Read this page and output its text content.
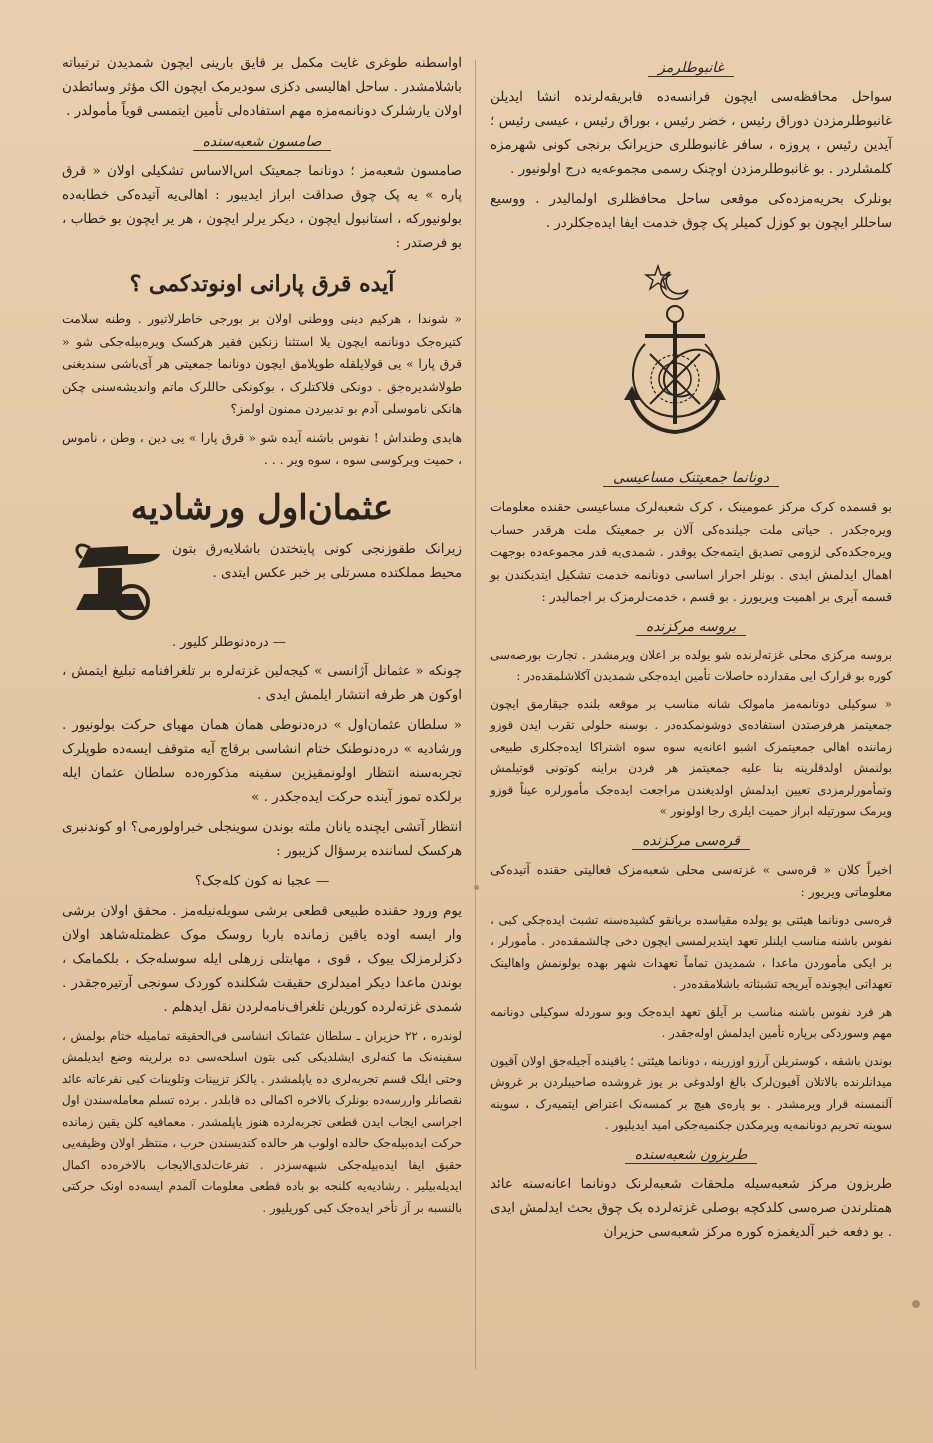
غانبوطلرمز

سواحل محافظه‌سی ایچون فرانسه‌ده فابریقه‌لرنده انشا ایدیلن غانبوطلرمزدن دوراق رئیس ، خضر رئیس ، بوراق رئیس ، عیسی رئیس ؛ آیدین رئیس ، پروزه ، سافر غانبوطلری حزیرانک برنجی کونی شهرمزه کلمشلردر . بو غانبوطلرمزدن اوچنک رسمی مجموعه‌یه درج اولونیور .

بونلرک بحریه‌مزده‌کی موقعی ساحل محافظلری اولمالیدر . ووسیع ساحللر ایچون بو کوزل کمیلر پک چوق خدمت ایفا ایده‌جکلردر .

دونانما جمعیتنک مساعیسی

بو قسمده کرک مرکز عمومینک ، کرک شعبه‌لرک مساعیسی حقنده معلومات ویره‌جکدر . حیاتی ملت جیلنده‌کی آلان بر جمعیتک ملت هرقدر حساب ویره‌جکده‌کی لزومی تصدیق ایتمه‌جک یوقدر . شمدی‌یه قدر مجموعه‌ده بوجهت اهمال ایدلمش ایدی . بونلر احرار اساسی دونانمه خدمت تشکیل ایتدیکندن بو قسمه آیری بر اهمیت ویریورز . بو قسم ، خدمت‌لرمزک بر اجمالیدر :

بروسه مرکزنده

بروسه مرکزی محلی غزته‌لرنده شو یولده بر اعلان ویرمشدر . تجارت بورصه‌سی کوره بو قرارک ایی مقدارده حاصلات تأمین ایده‌جکی شمدیدن آکلاشلمقده‌در :

« سوکیلی دونانمه‌مز مامولک شانه مناسب بر موقعه بلنده جیقارمق ایچون جمعیتمز هرفرصتدن استفاده‌ی دوشونمکده‌در . بوسنه حلولی تقرب ایدن قوزو زماننده اهالی جمعیتمزک اشبو اعانه‌یه سوه سوه اشتراکا ایده‌جکلری طبیعی بولنمش اولدقلرینه بنا علیه جمعیتمز هر فردن براینه کوتونی قوتیلمش وتمأمورلرمزدی تعیین ایدلمش اولدیغندن مراجعت ایده‌جک مأمورلره عیناً قوزو ویرمک سورتیله ابراز حمیت ایلری رجا اولونور »

قره‌سی مرکزنده

اخیراً کلان « قره‌سی » غزته‌سی محلی شعبه‌مزک فعالیتی حقنده آتیده‌کی معلوماتی ویریور :

قره‌سی دونانما هیئتی بو یولده مقیاسده بریانقو کشیده‌سنه تشبث ایده‌جکی کبی ، نفوس باشنه مناسب ایلنلر تعهد ایتدیرلمسی ایچون دخی چالشمقده‌در . مأمورلر ، بر ایکی مأموردن ماعدا ، شمدیدن تماماً تعهدات شهر بهده بولونمش واهالینک تعهداتی ایچونده آیریجه تشبثاته باشلامقده‌در .

هر فرد نفوس باشنه مناسب بر آیلق تعهد ایده‌جک وبو سوردله سوکیلی دونانمه مهم وسوردکی برپاره تأمین ایدلمش اوله‌جقدر .

بوندن باشقه ، کوستریلن آرزو اوزرینه ، دونانما هیئتی ؛ یاقینده آجیله‌جق اولان آقیون میدانلرنده بالاتلان آفیون‌لرک بالغ اولدوغی بر یوز غروشده صاحیبلردن بر غروش آلنمسنه قرار ویرمشدر . بو پاره‌ی هیچ بر کمسه‌نک اعتراض ایتمیه‌رک ، سوینه سوینه تحریم دونانمه‌یه ویرمکدن جکنمیه‌جکی امید ایدیلیور .

طربزون شعبه‌سنده

طربزون مرکز شعبه‌سیله ملحقات شعبه‌لرنک دونانما اعانه‌سنه عائد همتلرندن صره‌سی کلدکچه بوصلی غزته‌لرده بک چوق بحث ایدلمش ایدی . بو دفعه خبر آلدیغمزه کوره مرکز شعبه‌سی حزیران

اواسطنه طوغری غایت مکمل بر قایق بارینی ایچون شمدیدن ترتیباته باشلامشدر . ساحل اهالیسی دکزی سودیرمک ایچون الک مؤثر وسائطدن اولان یارشلرک دونانمه‌مزه مهم استفاده‌لی تأمین ایتمسی قویاً مأمولدر .

صامسون شعبه‌سنده

صامسون شعبه‌مز ؛ دونانما جمعیتک اس‌الاساس تشکیلی اولان « قرق پاره‌ » یه پک چوق صداقت ابراز ایدیبور : اهالی‌یه آتیده‌کی خطابه‌ده بولونیورکه ، استانبول ایچون ، دیکر یرلر ایچون ، هر یر ایچون بو خطاب ، بو فرصتدر :

آیده قرق پارانی اونوتدکمی ؟

« شوندا ، هرکیم دینی ووطنی اولان بر بورجی خاطرلاتیور . وطنه سلامت کتیره‌جک دونانمه ایچون یلا استثنا زنکین فقیر هرکسک ویره‌بیله‌جکی شو « قرق پارا » یی قولایلقله طوپلامق ایچون دونانما جمعیتی هر آی‌باشی سندیغنی طولاشدیره‌جق . دونکی فلاکتلرک ، بوکونکی حاللرک ماتم واندیشه‌سنی چکن هانکی ناموسلی آدم بو تدبیردن ممنون اولمز؟

هایدی وطنداش ! نفوس باشنه آیده شو « قرق پارا » یی دین ، وطن ، ناموس ، حمیت ویرکوسی سوه ، سوه ویر . . .

عثمان‌اول ورشادیه
زیرانک طقوزنجی کونی پایتختدن باشلایه‌رق بتون محیط مملکتده مسرتلی بر خبر عکس ایتدی .
— دره‌دنوطلر کلیور .

چونکه « عثمانل آژانسی » کیجه‌لین غزته‌لره بر تلغرافنامه تبلیغ ایتمش ، اوکون هر طرفه انتشار ایلمش ایدی .

« سلطان عثمان‌اول » دره‌دنوطی همان همان مهیای حرکت بولونیور . ورشادیه » دره‌دنوطنک ختام انشاسی برقاچ آیه متوقف ایسه‌ده طوپلرک تجربه‌سنه انتظار اولونمقیزین سفینه مذکوره‌ده سلطان عثمان ایله برلکده تموز آینده حرکت ایده‌جکدر . »

انتظار آتشی ایچنده یانان ملته بوندن سوینجلی خبراولورمی؟ او کوندنبری هرکسک لساننده برسؤال کزیبور :

— عجبا نه کون کله‌جک؟

یوم ورود حقنده طبیعی قطعی برشی سویله‌نیله‌مز . محقق اولان برشی وار ایسه اوده یاقین زمانده باربا روسک موک عظمتله‌شاهد اولان دکزلرمزلک ییوک ، قوی ، مهابتلی زرهلی ایله سوسله‌جک ، بلکمامک ، بوندن ماعدا دیکر امیدلری حقیقت شکلنده کوردک سونجی آرتیره‌جقدر . شمدی غزته‌لرده کوریلن تلغراف‌نامه‌لردن نقل ایدهلم .

لوندره ، ۲۲ حزیران ـ سلطان عثمانک انشاسی فی‌الحقیقه تمامیله ختام بولمش ، سفینه‌نک ما کنه‌لری ایشلدیکی کبی بتون اسلحه‌سی ده برلرینه وضع ایدیلمش وحتی ایلک قسم تجربه‌لری ده یاپلمشدر . یالکز تزیینات وتلوینات کبی نفرعاته عائد نقصانلر واررسه‌ده بونلرک بالاخره اکمالی ده قابلدر . برده تسلم معامله‌سندن اول اجراسی ایجاب ایدن قطعی تجربه‌لرده هنوز یاپلمشدر . معمافیه کلن یقین زمانده حرکت ایده‌بیله‌جک حالده اولوب هر حالده کندیسندن حرب ، منتظر اولان وظیفه‌یی حقیق ایفا ایده‌بیله‌جکی شبهه‌سزدر . تفرعات‌لدی‌الایجاب بالاخره‌ده اکمال ایدیله‌بیلیر . رشادیه‌یه کلنجه بو باده قطعی معلومات آلمدم ایسه‌ده اونک حرکتی بالنسبه بر آز تأخر ایده‌جک کبی کوریلیور .
